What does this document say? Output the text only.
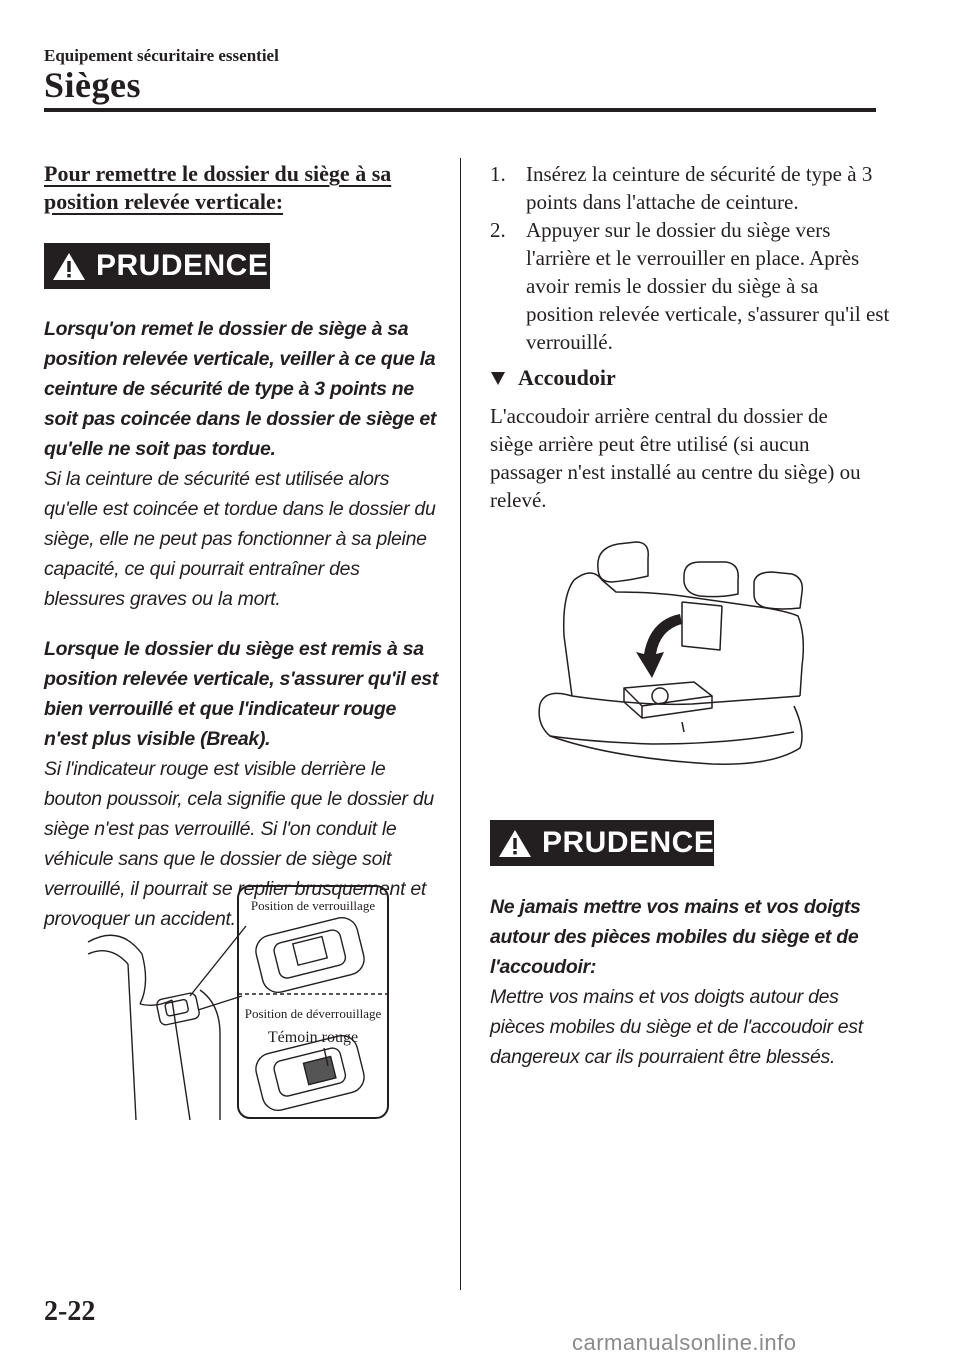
Equipement sécuritaire essentiel
Sièges
Pour remettre le dossier du siège à sa position relevée verticale:
PRUDENCE

Lorsqu'on remet le dossier de siège à sa position relevée verticale, veiller à ce que la ceinture de sécurité de type à 3 points ne soit pas coincée dans le dossier de siège et qu'elle ne soit pas tordue.

Si la ceinture de sécurité est utilisée alors qu'elle est coincée et tordue dans le dossier du siège, elle ne peut pas fonctionner à sa pleine capacité, ce qui pourrait entraîner des blessures graves ou la mort.

Lorsque le dossier du siège est remis à sa position relevée verticale, s'assurer qu'il est bien verrouillé et que l'indicateur rouge n'est plus visible (Break).

Si l'indicateur rouge est visible derrière le bouton poussoir, cela signifie que le dossier du siège n'est pas verrouillé. Si l'on conduit le véhicule sans que le dossier de siège soit verrouillé, il pourrait se replier brusquement et provoquer un accident.

Position de verrouillage
Position de déverrouillage
Témoin rouge
1. Insérez la ceinture de sécurité de type à 3 points dans l'attache de ceinture.
2. Appuyer sur le dossier du siège vers l'arrière et le verrouiller en place. Après avoir remis le dossier du siège à sa position relevée verticale, s'assurer qu'il est verrouillé.
Accoudoir
L'accoudoir arrière central du dossier de siège arrière peut être utilisé (si aucun passager n'est installé au centre du siège) ou relevé.
PRUDENCE

Ne jamais mettre vos mains et vos doigts autour des pièces mobiles du siège et de l'accoudoir:

Mettre vos mains et vos doigts autour des pièces mobiles du siège et de l'accoudoir est dangereux car ils pourraient être blessés.

2-22
carmanualsonline.info
